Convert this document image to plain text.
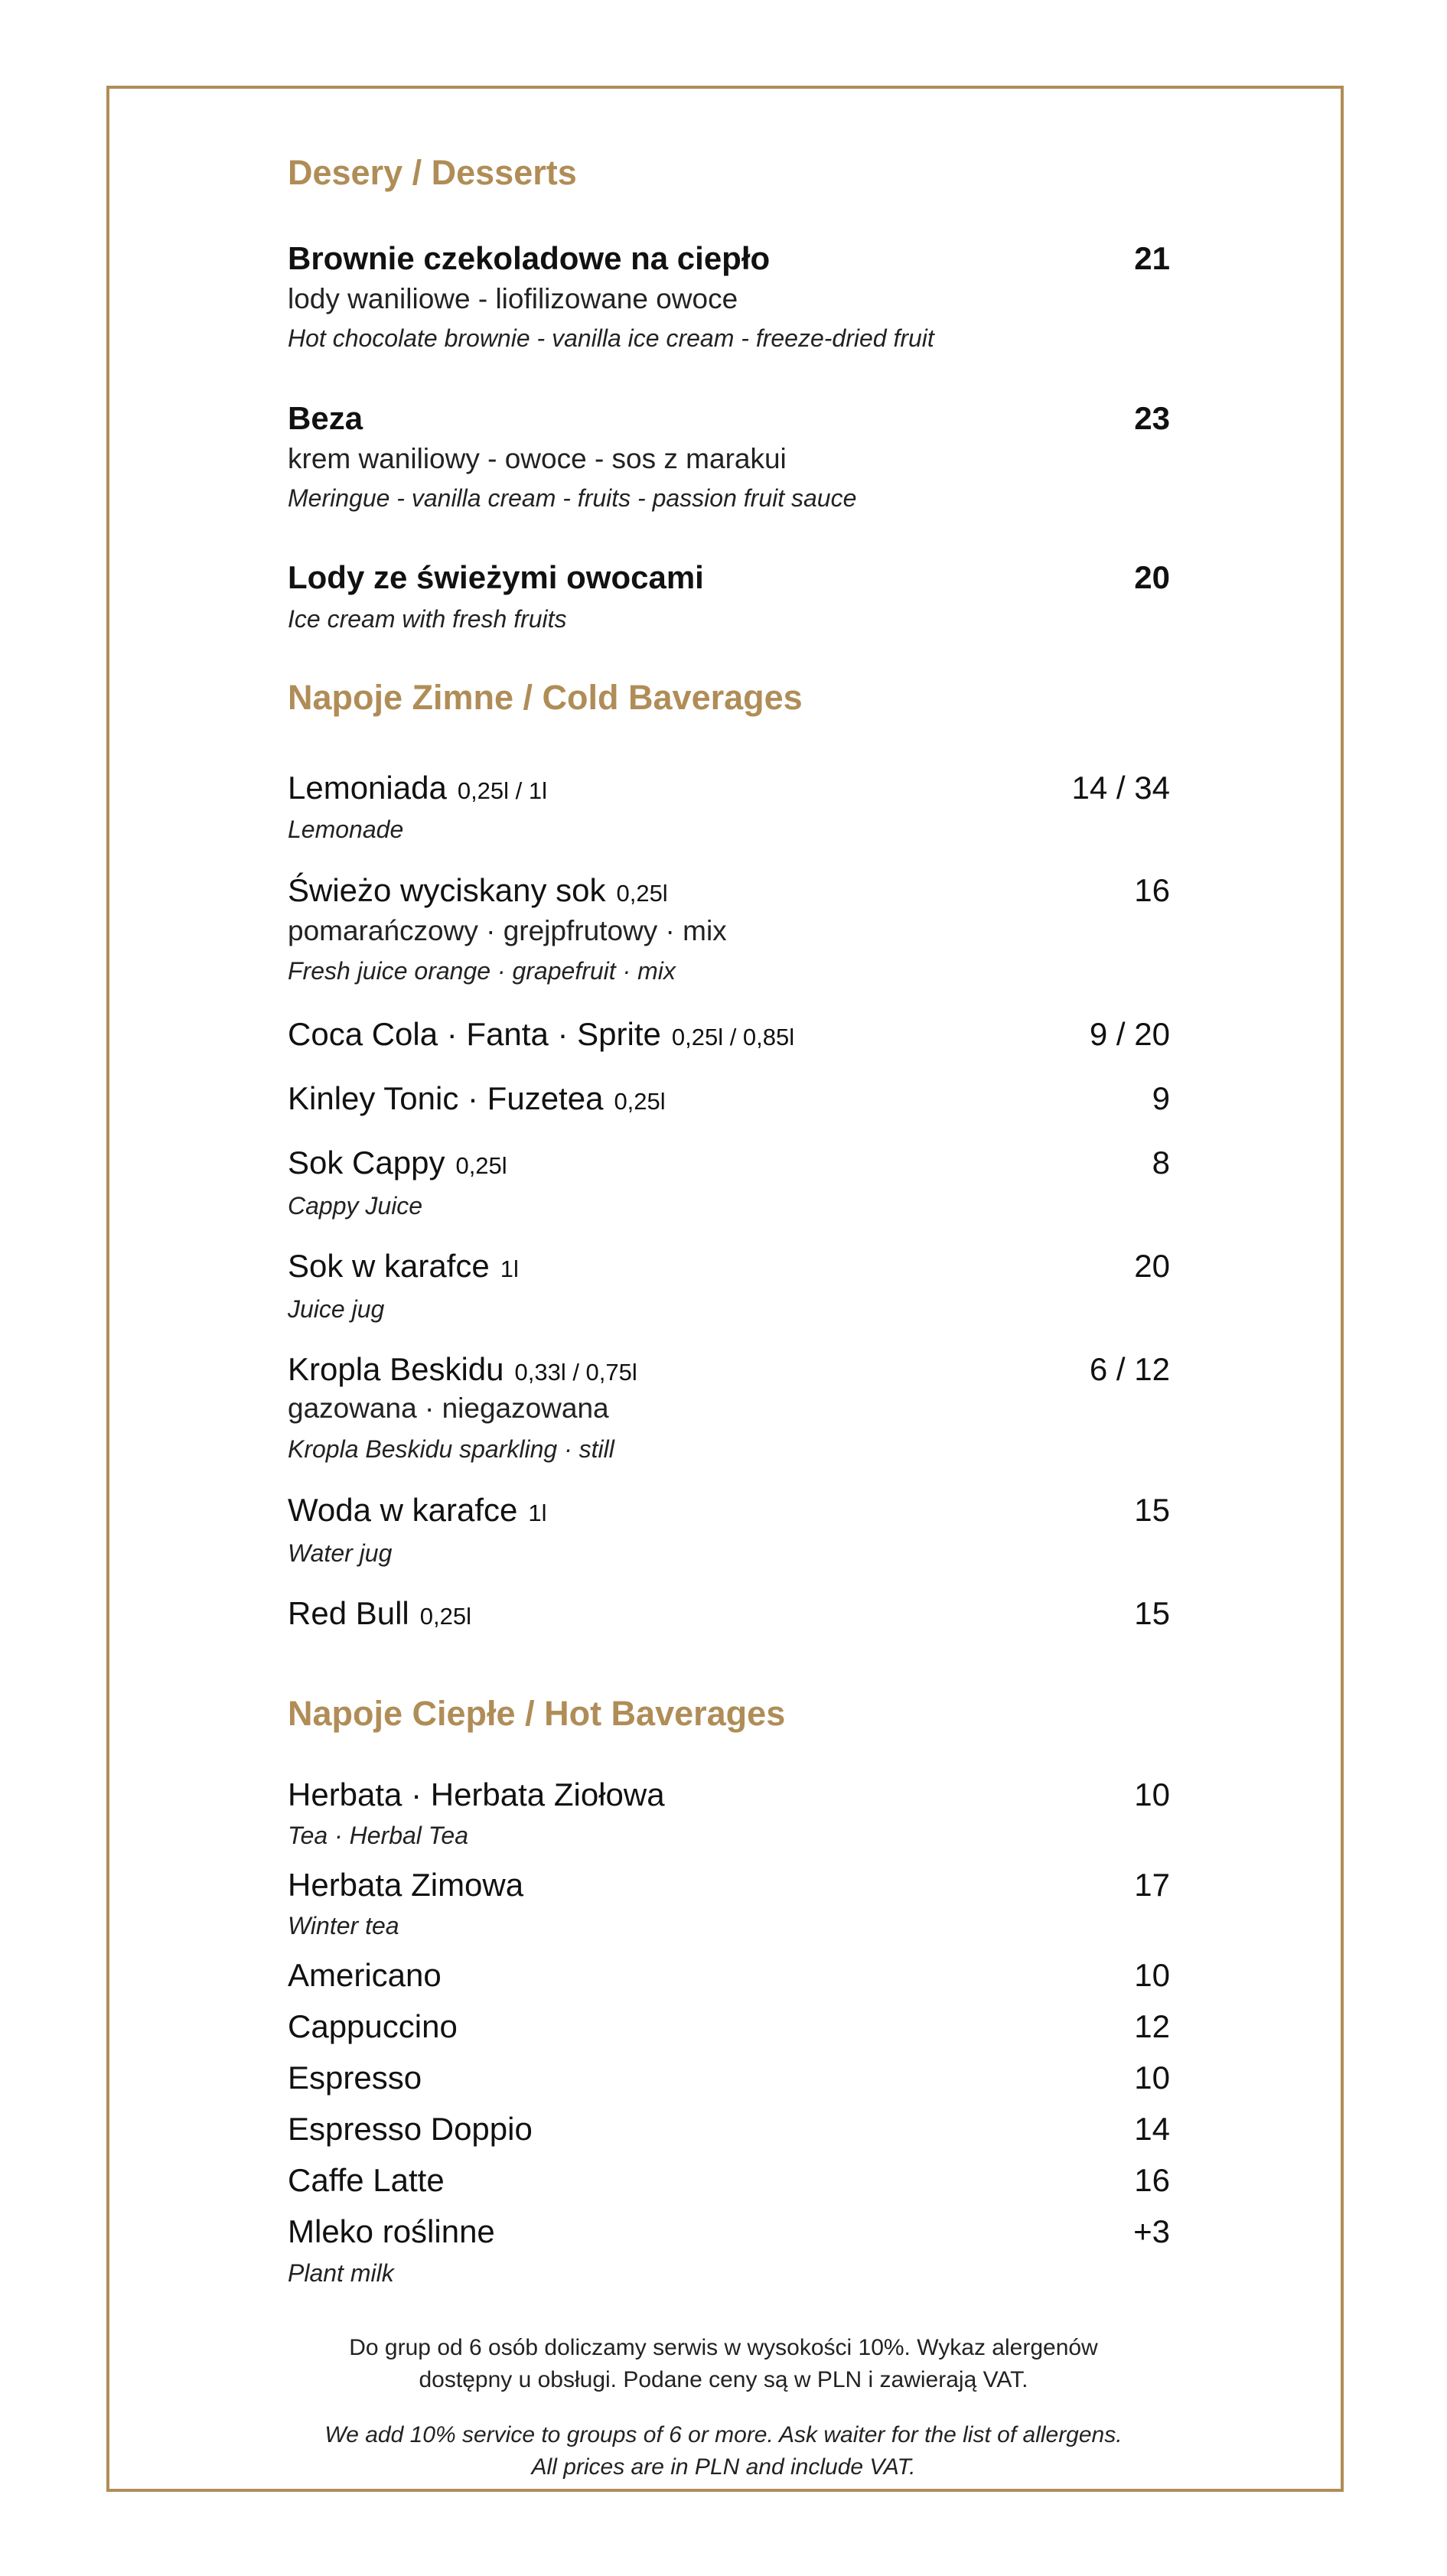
Desery / Desserts
Brownie czekoladowe na ciepło	21
lody waniliowe - liofilizowane owoce
Hot chocolate brownie - vanilla ice cream - freeze-dried fruit
Beza	23
krem waniliowy - owoce - sos z marakui
Meringue - vanilla cream - fruits - passion fruit sauce
Lody ze świeżymi owocami	20
Ice cream with fresh fruits
Napoje Zimne / Cold Baverages
Lemoniada 0,25l / 1l	14 / 34
Lemonade
Świeżo wyciskany sok 0,25l	16
pomarańczowy · grejpfrutowy · mix
Fresh juice orange · grapefruit · mix
Coca Cola · Fanta · Sprite 0,25l / 0,85l	9 / 20
Kinley Tonic · Fuzetea 0,25l	9
Sok Cappy 0,25l	8
Cappy Juice
Sok w karafce 1l	20
Juice jug
Kropla Beskidu 0,33l / 0,75l	6 / 12
gazowana · niegazowana
Kropla Beskidu sparkling · still
Woda w karafce 1l	15
Water jug
Red Bull 0,25l	15
Napoje Ciepłe / Hot Baverages
Herbata · Herbata Ziołowa	10
Tea · Herbal Tea
Herbata Zimowa	17
Winter tea
Americano	10
Cappuccino	12
Espresso	10
Espresso Doppio	14
Caffe Latte	16
Mleko roślinne	+3
Plant milk
Do grup od 6 osób doliczamy serwis w wysokości 10%. Wykaz alergenów
dostępny u obsługi. Podane ceny są w PLN i zawierają VAT.
We add 10% service to groups of 6 or more. Ask waiter for the list of allergens.
All prices are in PLN and include VAT.
